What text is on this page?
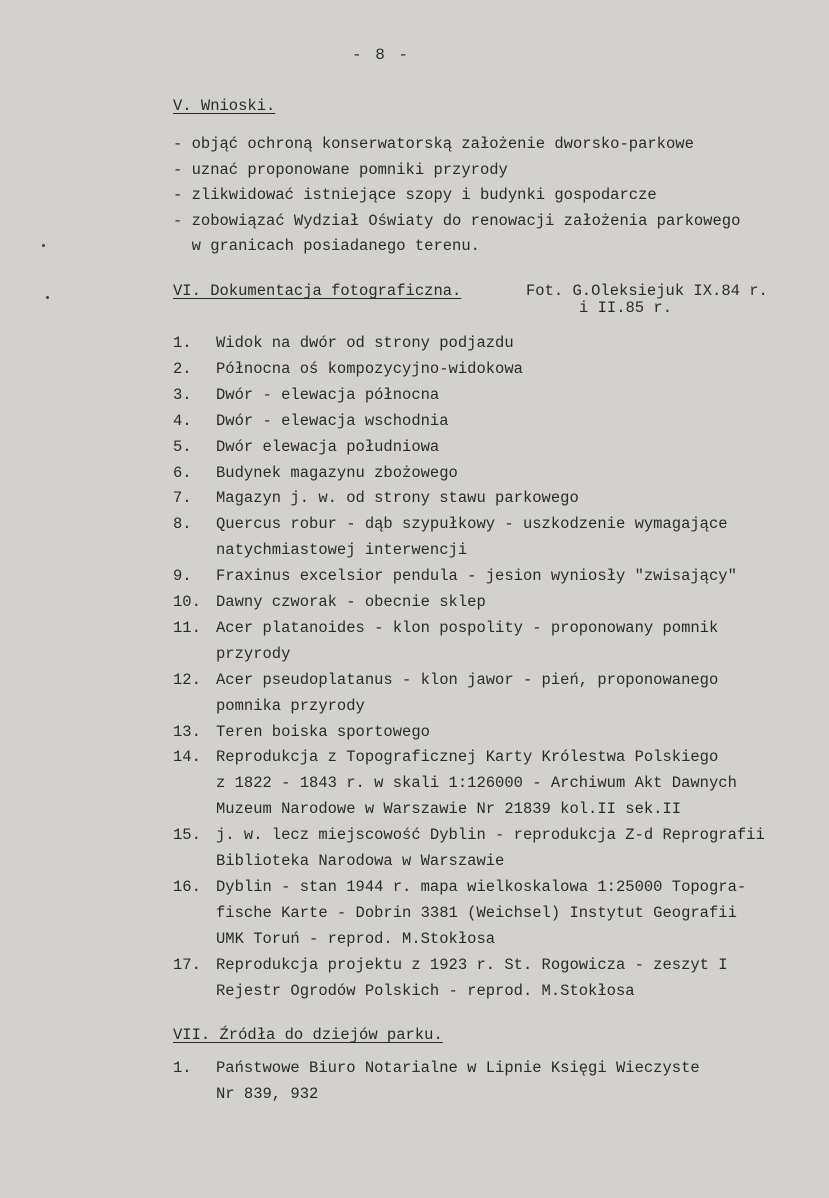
- 8 -
V. Wnioski.
- objąć ochroną konserwatorską założenie dworsko-parkowe
- uznać proponowane pomniki przyrody
- zlikwidować istniejące szopy i budynki gospodarcze
- zobowiązać Wydział Oświaty do renowacji założenia parkowego
w granicach posiadanego terenu.
VI. Dokumentacja fotograficzna.	Fot. G.Oleksiejuk IX.84 r.
i II.85 r.
1. Widok na dwór od strony podjazdu
2. Północna oś kompozycyjno-widokowa
3. Dwór - elewacja północna
4. Dwór - elewacja wschodnia
5. Dwór elewacja południowa
6. Budynek magazynu zbożowego
7. Magazyn j. w. od strony stawu parkowego
8. Quercus robur - dąb szypułkowy - uszkodzenie wymagające
natychmiastowej interwencji
9. Fraxinus excelsior pendula - jesion wyniosły "zwisający"
10. Dawny czworak - obecnie sklep
11. Acer platanoides - klon pospolity - proponowany pomnik
przyrody
12. Acer pseudoplatanus - klon jawor - pień, proponowanego
pomnika przyrody
13. Teren boiska sportowego
14. Reprodukcja z Topograficznej Karty Królestwa Polskiego
z 1822 - 1843 r. w skali 1:126000 - Archiwum Akt Dawnych
Muzeum Narodowe w Warszawie Nr 21839 kol.II sek.II
15. j. w. lecz miejscowość Dyblin - reprodukcja Z-d Reprografii
Biblioteka Narodowa w Warszawie
16. Dyblin - stan 1944 r. mapa wielkoskalowa 1:25000 Topogra-
fische Karte - Dobrin 3381 (Weichsel) Instytut Geografii
UMK Toruń - reprod. M.Stokłosa
17. Reprodukcja projektu z 1923 r. St. Rogowicza - zeszyt I
Rejestr Ogrodów Polskich - reprod. M.Stokłosa
VII. Źródła do dziejów parku.
1. Państwowe Biuro Notarialne w Lipnie Księgi Wieczyste
Nr 839, 932
